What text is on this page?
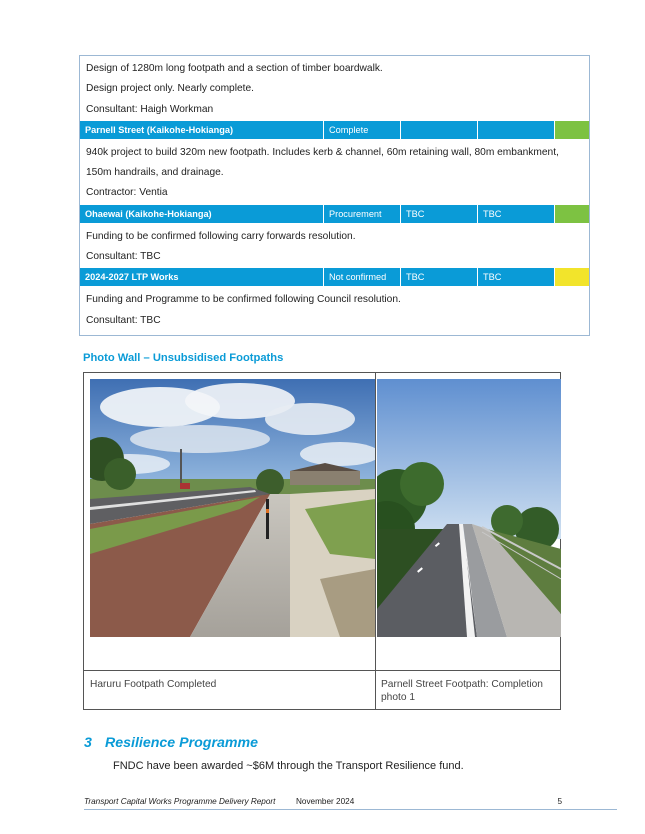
Design of 1280m long footpath and a section of timber boardwalk.

Design project only. Nearly complete.

Consultant: Haigh Workman

Parnell Street (Kaikohe-Hokianga)	Complete

940k project to build 320m new footpath. Includes kerb & channel, 60m retaining wall, 80m embankment,

150m handrails, and drainage.

Contractor: Ventia

Ohaewai (Kaikohe-Hokianga)	Procurement	TBC	TBC

Funding to be confirmed following carry forwards resolution.

Consultant: TBC

2024-2027 LTP Works	Not confirmed	TBC	TBC

Funding and Programme to be confirmed following Council resolution.

Consultant: TBC

Photo Wall – Unsubsidised Footpaths
Haruru Footpath Completed	Parnell Street Footpath: Completion photo 1
3 Resilience Programme
FNDC have been awarded ~$6M through the Transport Resilience fund.
Transport Capital Works Programme Delivery Report	November 2024	5
